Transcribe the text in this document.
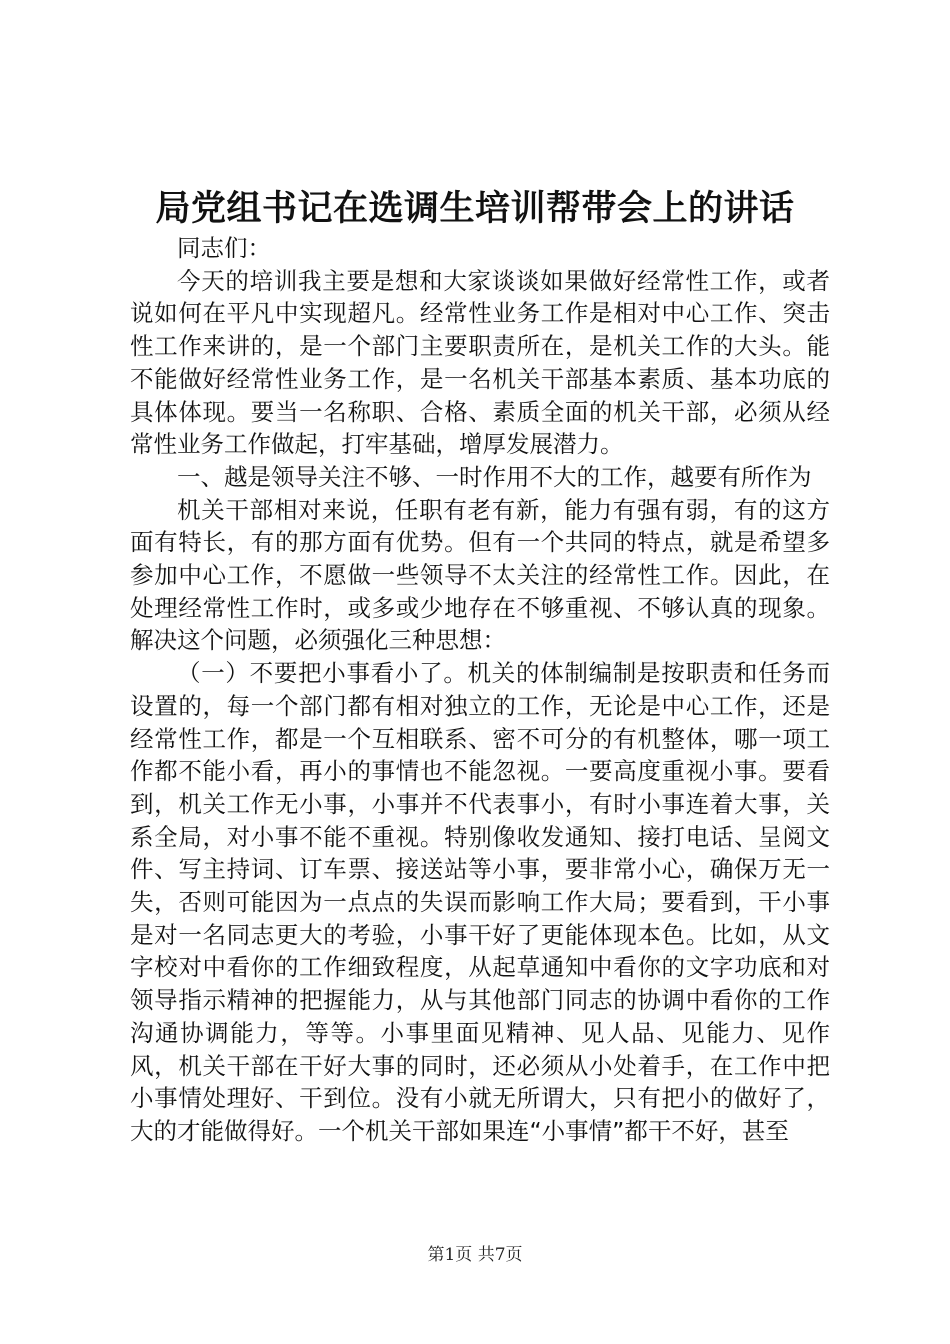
局党组书记在选调生培训帮带会上的讲话

同志们：

今天的培训我主要是想和大家谈谈如果做好经常性工作，或者说如何在平凡中实现超凡。经常性业务工作是相对中心工作、突击性工作来讲的，是一个部门主要职责所在，是机关工作的大头。能不能做好经常性业务工作，是一名机关干部基本素质、基本功底的具体体现。要当一名称职、合格、素质全面的机关干部，必须从经常性业务工作做起，打牢基础，增厚发展潜力。

一、越是领导关注不够、一时作用不大的工作，越要有所作为

机关干部相对来说，任职有老有新，能力有强有弱，有的这方面有特长，有的那方面有优势。但有一个共同的特点，就是希望多参加中心工作，不愿做一些领导不太关注的经常性工作。因此，在处理经常性工作时，或多或少地存在不够重视、不够认真的现象。解决这个问题，必须强化三种思想：

（一）不要把小事看小了。机关的体制编制是按职责和任务而设置的，每一个部门都有相对独立的工作，无论是中心工作，还是经常性工作，都是一个互相联系、密不可分的有机整体，哪一项工作都不能小看，再小的事情也不能忽视。一要高度重视小事。要看到，机关工作无小事，小事并不代表事小，有时小事连着大事，关系全局，对小事不能不重视。特别像收发通知、接打电话、呈阅文件、写主持词、订车票、接送站等小事，要非常小心，确保万无一失，否则可能因为一点点的失误而影响工作大局；要看到，干小事是对一名同志更大的考验，小事干好了更能体现本色。比如，从文字校对中看你的工作细致程度，从起草通知中看你的文字功底和对领导指示精神的把握能力，从与其他部门同志的协调中看你的工作沟通协调能力，等等。小事里面见精神、见人品、见能力、见作风，机关干部在干好大事的同时，还必须从小处着手，在工作中把小事情处理好、干到位。没有小就无所谓大，只有把小的做好了，大的才能做得好。一个机关干部如果连“小事情”都干不好，甚至

第1页 共7页
